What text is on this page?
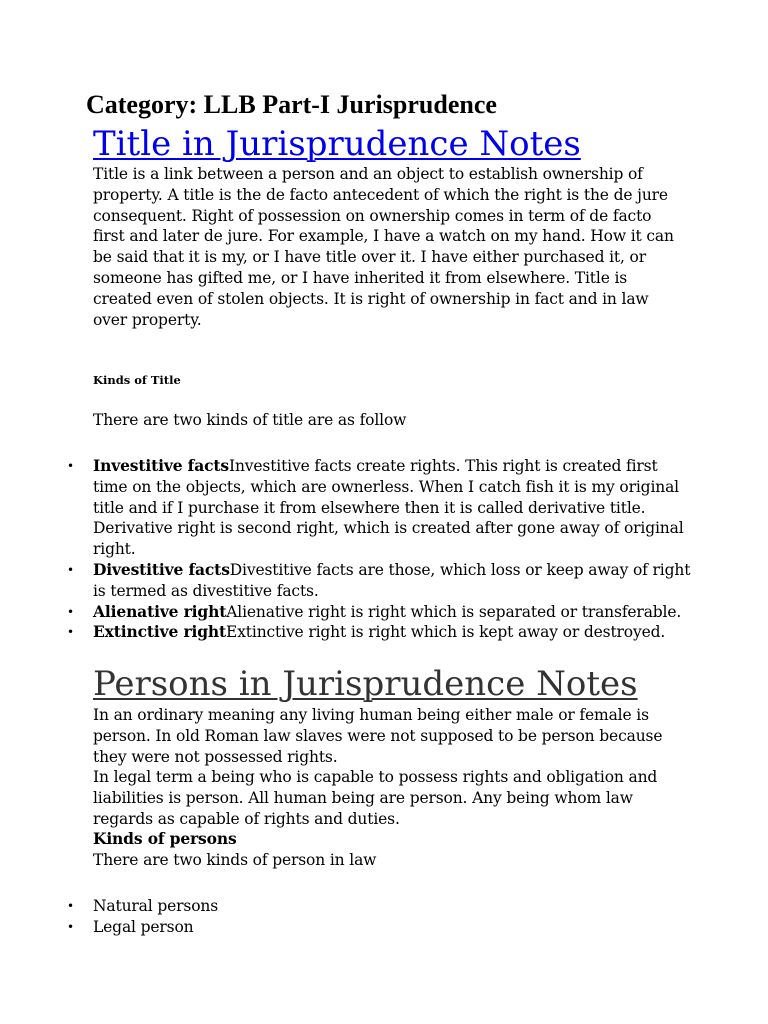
Category: LLB Part-I Jurisprudence
Title in Jurisprudence Notes
Title is a link between a person and an object to establish ownership of property. A title is the de facto antecedent of which the right is the de jure consequent. Right of possession on ownership comes in term of de facto first and later de jure. For example, I have a watch on my hand. How it can be said that it is my, or I have title over it. I have either purchased it, or someone has gifted me, or I have inherited it from elsewhere. Title is created even of stolen objects. It is right of ownership in fact and in law over property.
Kinds of Title
There are two kinds of title are as follow
• Investitive factsInvestitive facts create rights. This right is created first time on the objects, which are ownerless. When I catch fish it is my original title and if I purchase it from elsewhere then it is called derivative title. Derivative right is second right, which is created after gone away of original right.
• Divestitive factsDivestitive facts are those, which loss or keep away of right is termed as divestitive facts.
• Alienative rightAlienative right is right which is separated or transferable.
• Extinctive rightExtinctive right is right which is kept away or destroyed.
Persons in Jurisprudence Notes
In an ordinary meaning any living human being either male or female is person. In old Roman law slaves were not supposed to be person because they were not possessed rights.
In legal term a being who is capable to possess rights and obligation and liabilities is person. All human being are person. Any being whom law regards as capable of rights and duties.
Kinds of persons
There are two kinds of person in law
• Natural persons
• Legal person
